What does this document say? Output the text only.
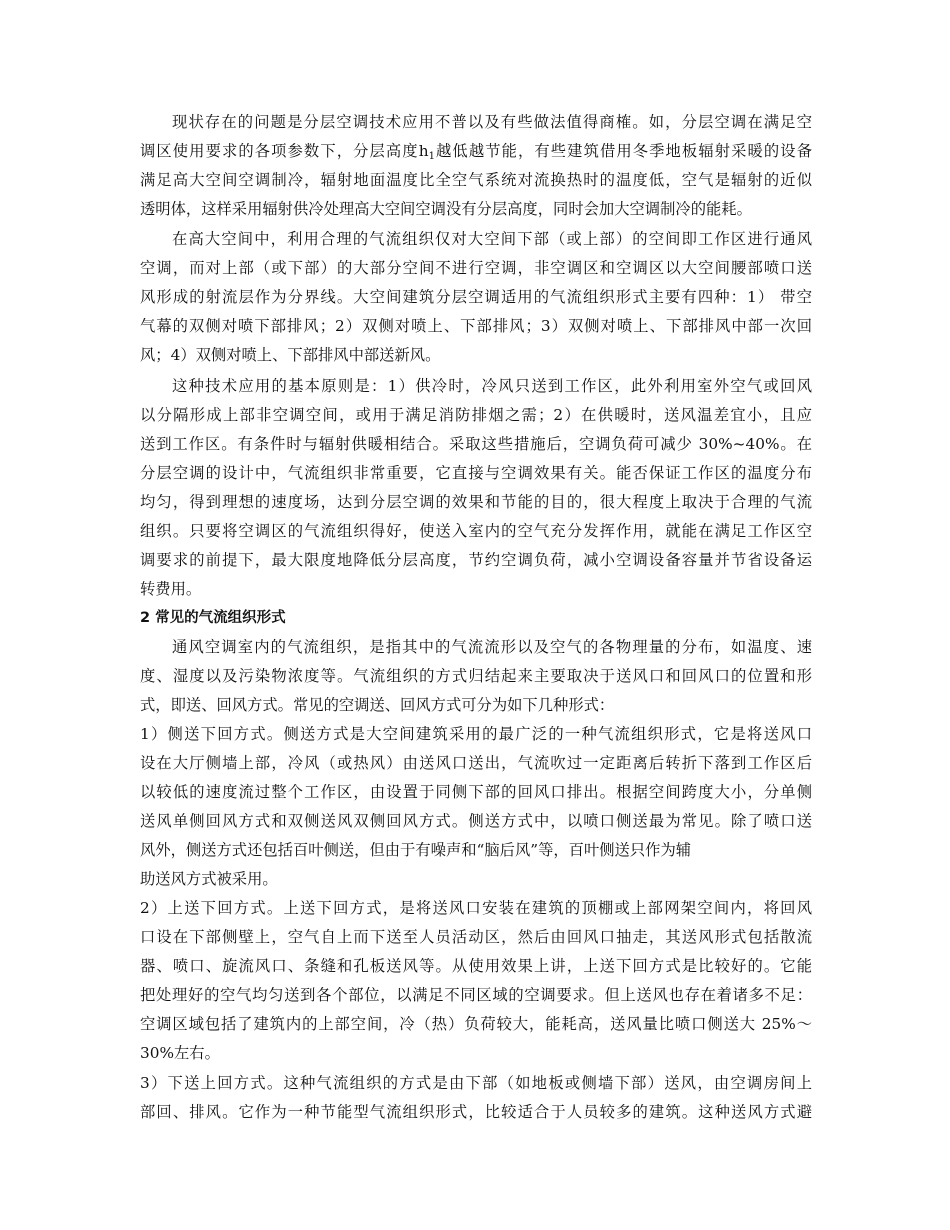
现状存在的问题是分层空调技术应用不普以及有些做法值得商榷。如，分层空调在满足空
调区使用要求的各项参数下，分层高度$h_1$越低越节能，有些建筑借用冬季地板辐射采暖的设备
满足高大空间空调制冷，辐射地面温度比全空气系统对流换热时的温度低，空气是辐射的近似
透明体，这样采用辐射供冷处理高大空间空调没有分层高度，同时会加大空调制冷的能耗。
在高大空间中，利用合理的气流组织仅对大空间下部（或上部）的空间即工作区进行通风
空调，而对上部（或下部）的大部分空间不进行空调，非空调区和空调区以大空间腰部喷口送
风形成的射流层作为分界线。大空间建筑分层空调适用的气流组织形式主要有四种：1） 带空
气幕的双侧对喷下部排风；2）双侧对喷上、下部排风；3）双侧对喷上、下部排风中部一次回
风；4）双侧对喷上、下部排风中部送新风。
这种技术应用的基本原则是：1）供冷时，冷风只送到工作区，此外利用室外空气或回风
以分隔形成上部非空调空间，或用于满足消防排烟之需；2）在供暖时，送风温差宜小，且应
送到工作区。有条件时与辐射供暖相结合。采取这些措施后，空调负荷可减少 30%~40%。在
分层空调的设计中，气流组织非常重要，它直接与空调效果有关。能否保证工作区的温度分布
均匀，得到理想的速度场，达到分层空调的效果和节能的目的，很大程度上取决于合理的气流
组织。只要将空调区的气流组织得好，使送入室内的空气充分发挥作用，就能在满足工作区空
调要求的前提下，最大限度地降低分层高度，节约空调负荷，减小空调设备容量并节省设备运
转费用。
2 常见的气流组织形式
通风空调室内的气流组织，是指其中的气流流形以及空气的各物理量的分布，如温度、速
度、湿度以及污染物浓度等。气流组织的方式归结起来主要取决于送风口和回风口的位置和形
式，即送、回风方式。常见的空调送、回风方式可分为如下几种形式：
1）侧送下回方式。侧送方式是大空间建筑采用的最广泛的一种气流组织形式，它是将送风口
设在大厅侧墙上部，冷风（或热风）由送风口送出，气流吹过一定距离后转折下落到工作区后
以较低的速度流过整个工作区，由设置于同侧下部的回风口排出。根据空间跨度大小，分单侧
送风单侧回风方式和双侧送风双侧回风方式。侧送方式中，以喷口侧送最为常见。除了喷口送
风外，侧送方式还包括百叶侧送，但由于有噪声和“脑后风”等，百叶侧送只作为辅
助送风方式被采用。
2）上送下回方式。上送下回方式，是将送风口安装在建筑的顶棚或上部网架空间内，将回风
口设在下部侧壁上，空气自上而下送至人员活动区，然后由回风口抽走，其送风形式包括散流
器、喷口、旋流风口、条缝和孔板送风等。从使用效果上讲，上送下回方式是比较好的。它能
把处理好的空气均匀送到各个部位，以满足不同区域的空调要求。但上送风也存在着诸多不足：
空调区域包括了建筑内的上部空间，冷（热）负荷较大，能耗高，送风量比喷口侧送大 25%～
30%左右。
3）下送上回方式。这种气流组织的方式是由下部（如地板或侧墙下部）送风，由空调房间上
部回、排风。它作为一种节能型气流组织形式，比较适合于人员较多的建筑。这种送风方式避
